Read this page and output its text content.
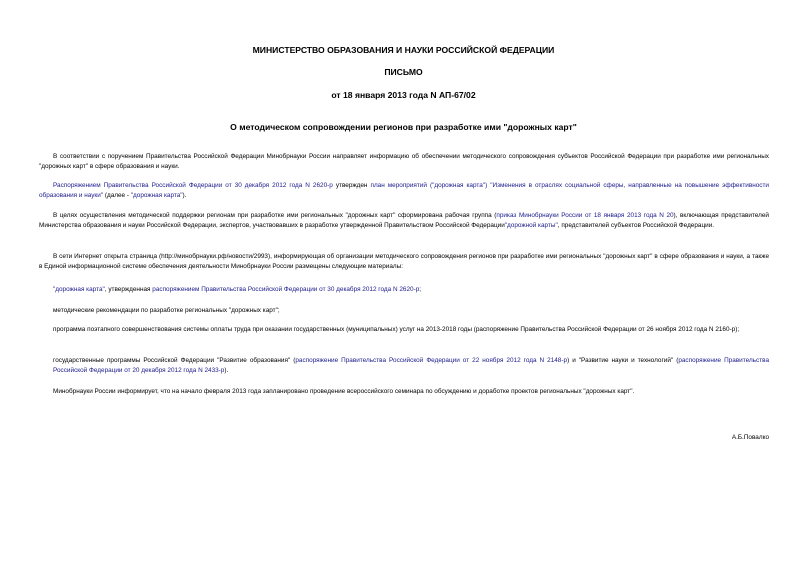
МИНИСТЕРСТВО ОБРАЗОВАНИЯ И НАУКИ РОССИЙСКОЙ ФЕДЕРАЦИИ
ПИСЬМО
от 18 января 2013 года N АП-67/02
О методическом сопровождении регионов при разработке ими "дорожных карт"
В соответствии с поручением Правительства Российской Федерации Минобрнауки России направляет информацию об обеспечении методического сопровождения субъектов Российской Федерации при разработке ими региональных "дорожных карт" в сфере образования и науки.
Распоряжением Правительства Российской Федерации от 30 декабря 2012 года N 2620-р утвержден план мероприятий ("дорожная карта") "Изменения в отраслях социальной сферы, направленные на повышение эффективности образования и науки" (далее - "дорожная карта").
В целях осуществления методической поддержки регионам при разработке ими региональных "дорожных карт" сформирована рабочая группа (приказ Минобрнауки России от 18 января 2013 года N 20), включающая представителей Министерства образования и науки Российской Федерации, экспертов, участвовавших в разработке утвержденной Правительством Российской Федерации"дорожной карты", представителей субъектов Российской Федерации.
В сети Интернет открыта страница (http://минобрнауки.рф/новости/2993), информирующая об организации методического сопровождения регионов при разработке ими региональных "дорожных карт" в сфере образования и науки, а также в Единой информационной системе обеспечения деятельности Минобрнауки России размещены следующие материалы:
"дорожная карта", утвержденная распоряжением Правительства Российской Федерации от 30 декабря 2012 года N 2620-р;
методические рекомендации по разработке региональных "дорожных карт";
программа поэтапного совершенствования системы оплаты труда при оказании государственных (муниципальных) услуг на 2013-2018 годы (распоряжение Правительства Российской Федерации от 26 ноября 2012 года N 2160-р);
государственные программы Российской Федерации "Развитие образования" (распоряжение Правительства Российской Федерации от 22 ноября 2012 года N 2148-р) и "Развитие науки и технологий" (распоряжение Правительства Российской Федерации от 20 декабря 2012 года N 2433-р).
Минобрнауки России информирует, что на начало февраля 2013 года запланировано проведение всероссийского семинара по обсуждению и доработке проектов региональных "дорожных карт".
А.Б.Повалко
